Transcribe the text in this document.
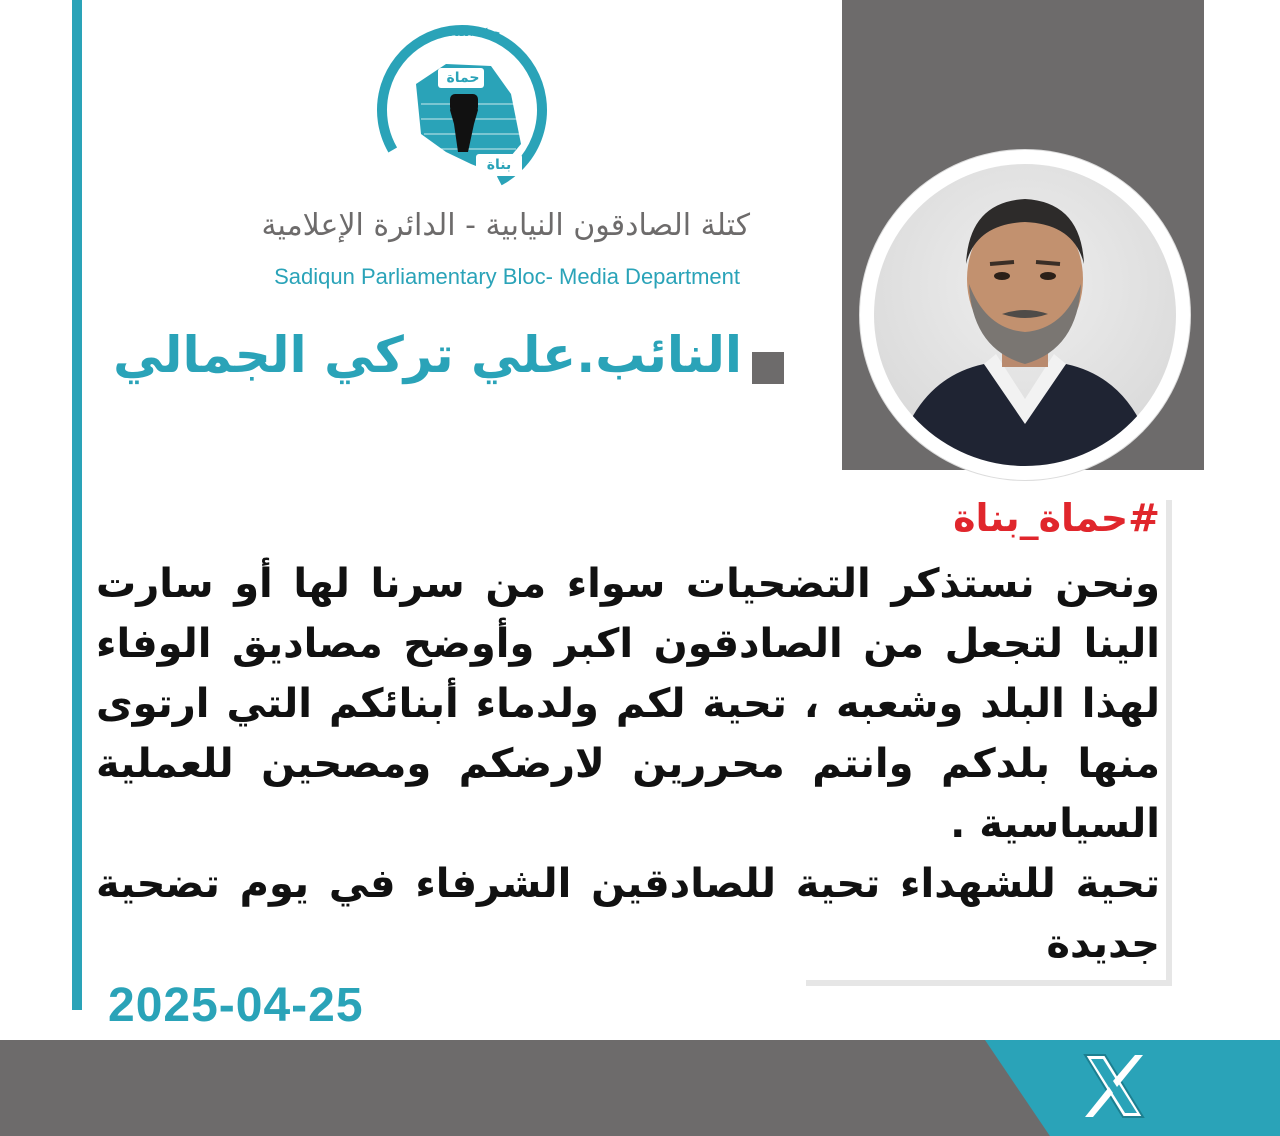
حماة
بناة
حركة الصادقون
كتلة الصادقون النيابية - الدائرة الإعلامية
Sadiqun Parliamentary Bloc- Media Department
النائب.علي تركي الجمالي
#حماة_بناة

ونحن نستذكر التضحيات سواء من سرنا لها أو سارت الينا لتجعل من الصادقون اكبر وأوضح مصاديق الوفاء لهذا البلد وشعبه ، تحية لكم ولدماء أبنائكم التي ارتوى منها بلدكم وانتم محررين لارضكم ومصحين للعملية السياسية .

تحية للشهداء تحية للصادقين الشرفاء في يوم تضحية جديدة

2025-04-25
